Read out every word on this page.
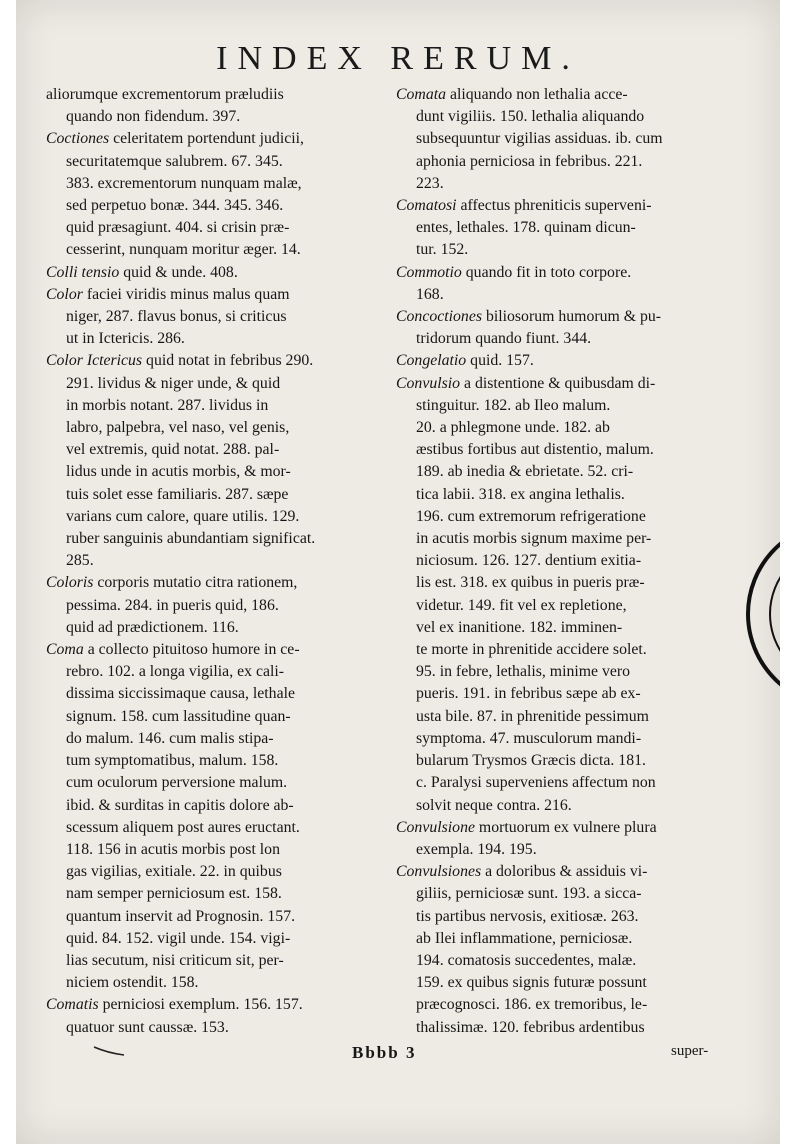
INDEX RERUM.
aliorumque excrementorum præludiis
quando non fidendum. 397.
Coctiones celeritatem portendunt judicii,
securitatemque salubrem. 67. 345.
383. excrementorum nunquam malæ,
sed perpetuo bonæ. 344. 345. 346.
quid præsagiunt. 404. si crisin præ-
cesserint, nunquam moritur æger. 14.
Colli tensio quid & unde. 408.
Color faciei viridis minus malus quam
niger, 287. flavus bonus, si criticus
ut in Ictericis. 286.
Color Ictericus quid notat in febribus 290.
291. lividus & niger unde, & quid
in morbis notant. 287. lividus in
labro, palpebra, vel naso, vel genis,
vel extremis, quid notat. 288. pal-
lidus unde in acutis morbis, & mor-
tuis solet esse familiaris. 287. sæpe
varians cum calore, quare utilis. 129.
ruber sanguinis abundantiam significat.
285.
Coloris corporis mutatio citra rationem,
pessima. 284. in pueris quid, 186.
quid ad prædictionem. 116.
Coma a collecto pituitoso humore in ce-
rebro. 102. a longa vigilia, ex cali-
dissima siccissimaque causa, lethale
signum. 158. cum lassitudine quan-
do malum. 146. cum malis stipa-
tum symptomatibus, malum. 158.
cum oculorum perversione malum.
ibid. & surditas in capitis dolore ab-
scessum aliquem post aures eructant.
118. 156 in acutis morbis post lon
gas vigilias, exitiale. 22. in quibus
nam semper perniciosum est. 158.
quantum inservit ad Prognosin. 157.
quid. 84. 152. vigil unde. 154. vigi-
lias secutum, nisi criticum sit, per-
niciem ostendit. 158.
Comatis perniciosi exemplum. 156. 157.
quatuor sunt caussæ. 153.
Comata aliquando non lethalia acce-
dunt vigiliis. 150. lethalia aliquando
subsequuntur vigilias assiduas. ib. cum
aphonia perniciosa in febribus. 221.
223.
Comatosi affectus phreniticis superveni-
entes, lethales. 178. quinam dicun-
tur. 152.
Commotio quando fit in toto corpore.
168.
Concoctiones biliosorum humorum & pu-
tridorum quando fiunt. 344.
Congelatio quid. 157.
Convulsio a distentione & quibusdam di-
stinguitur. 182. ab Ileo malum.
20. a phlegmone unde. 182. ab
æstibus fortibus aut distentio, malum.
189. ab inedia & ebrietate. 52. cri-
tica labii. 318. ex angina lethalis.
196. cum extremorum refrigeratione
in acutis morbis signum maxime per-
niciosum. 126. 127. dentium exitia-
lis est. 318. ex quibus in pueris præ-
videtur. 149. fit vel ex repletione,
vel ex inanitione. 182. imminen-
te morte in phrenitide accidere solet.
95. in febre, lethalis, minime vero
pueris. 191. in febribus sæpe ab ex-
usta bile. 87. in phrenitide pessimum
symptoma. 47. musculorum mandi-
bularum Trysmos Græcis dicta. 181.
c. Paralysi superveniens affectum non
solvit neque contra. 216.
Convulsione mortuorum ex vulnere plura
exempla. 194. 195.
Convulsiones a doloribus & assiduis vi-
giliis, perniciosæ sunt. 193. a sicca-
tis partibus nervosis, exitiosæ. 263.
ab Ilei inflammatione, perniciosæ.
194. comatosis succedentes, malæ.
159. ex quibus signis futuræ possunt
præcognosci. 186. ex tremoribus, le-
thalissimæ. 120. febribus ardentibus
Bbbb 3	super-
